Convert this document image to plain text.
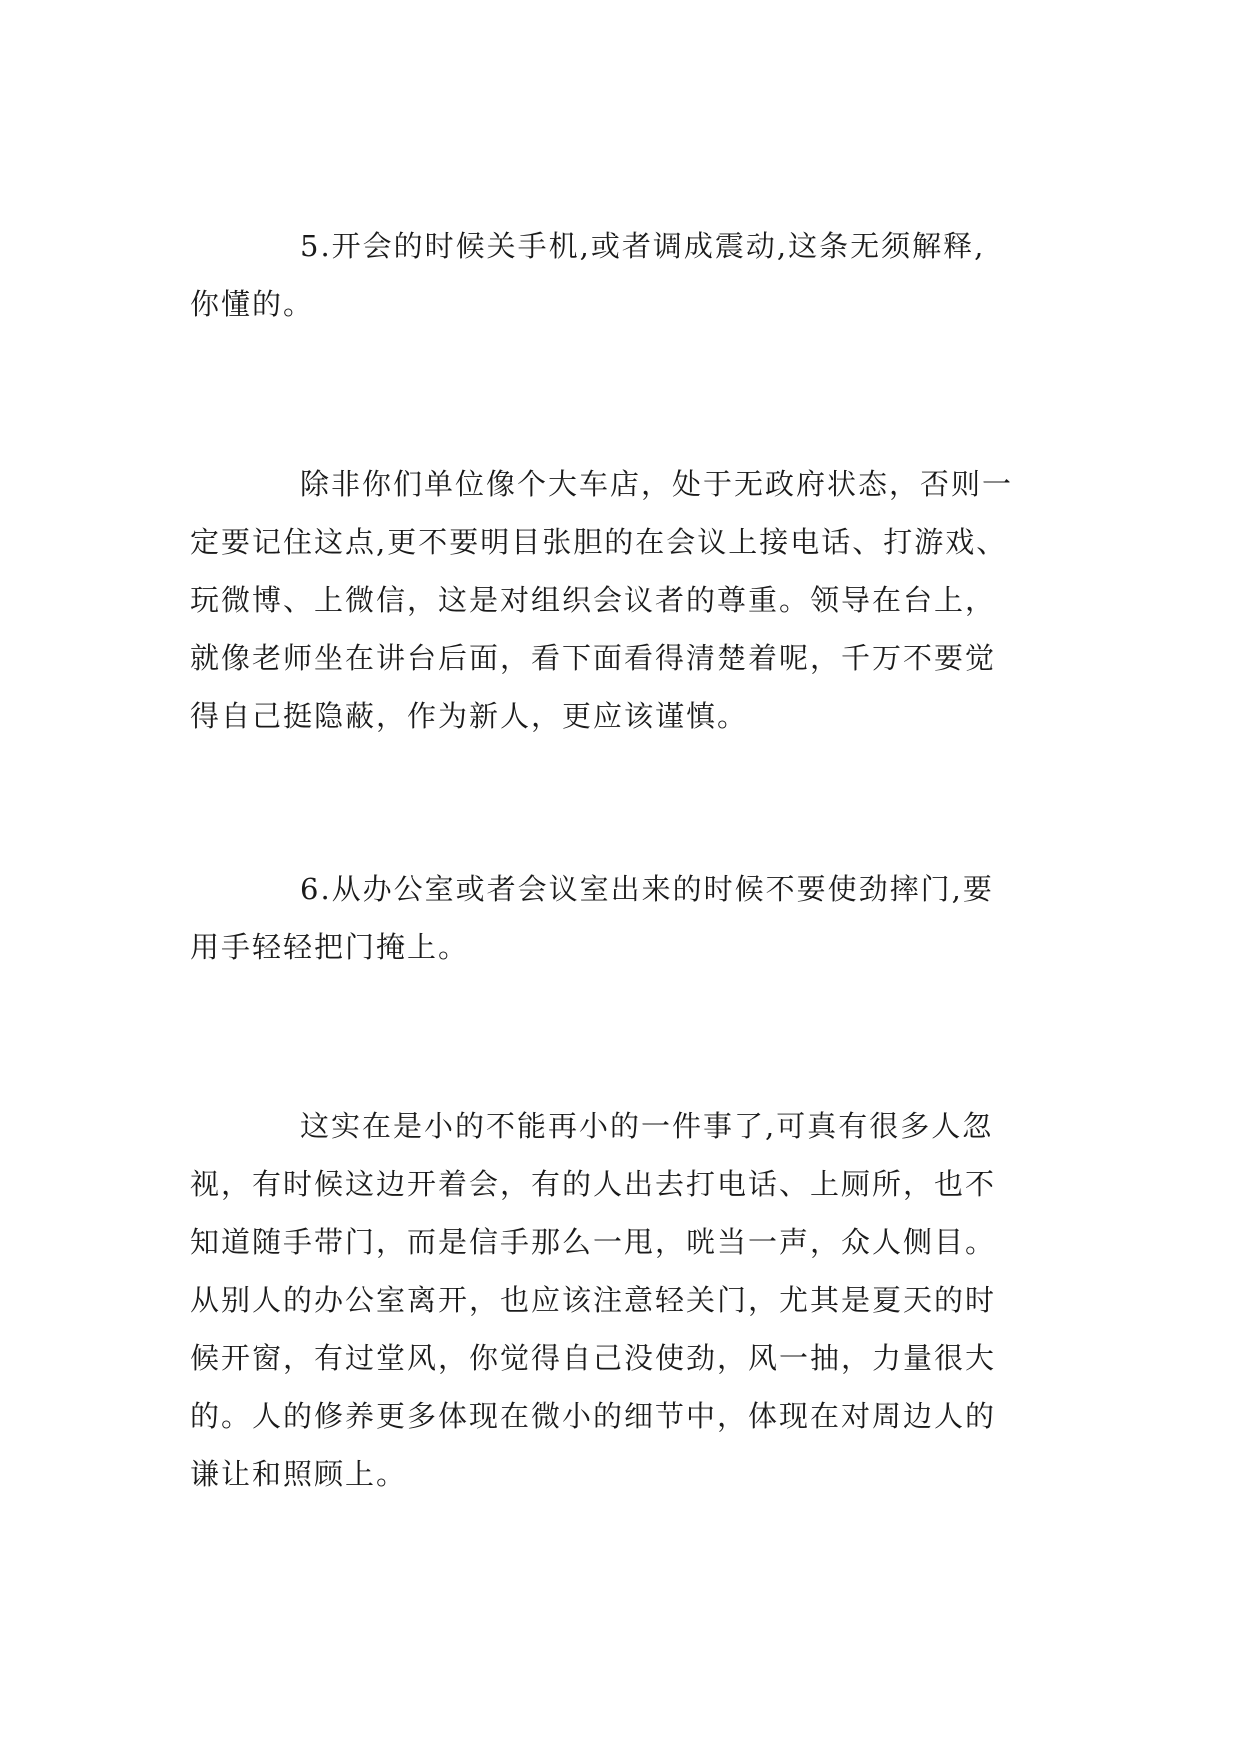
5.开会的时候关手机,或者调成震动,这条无须解释,
你懂的。
除非你们单位像个大车店，处于无政府状态，否则一
定要记住这点,更不要明目张胆的在会议上接电话、打游戏、
玩微博、上微信，这是对组织会议者的尊重。领导在台上，
就像老师坐在讲台后面，看下面看得清楚着呢，千万不要觉
得自己挺隐蔽，作为新人，更应该谨慎。
6.从办公室或者会议室出来的时候不要使劲摔门,要
用手轻轻把门掩上。
这实在是小的不能再小的一件事了,可真有很多人忽
视，有时候这边开着会，有的人出去打电话、上厕所，也不
知道随手带门，而是信手那么一甩，咣当一声，众人侧目。
从别人的办公室离开，也应该注意轻关门，尤其是夏天的时
候开窗，有过堂风，你觉得自己没使劲，风一抽，力量很大
的。人的修养更多体现在微小的细节中，体现在对周边人的
谦让和照顾上。
